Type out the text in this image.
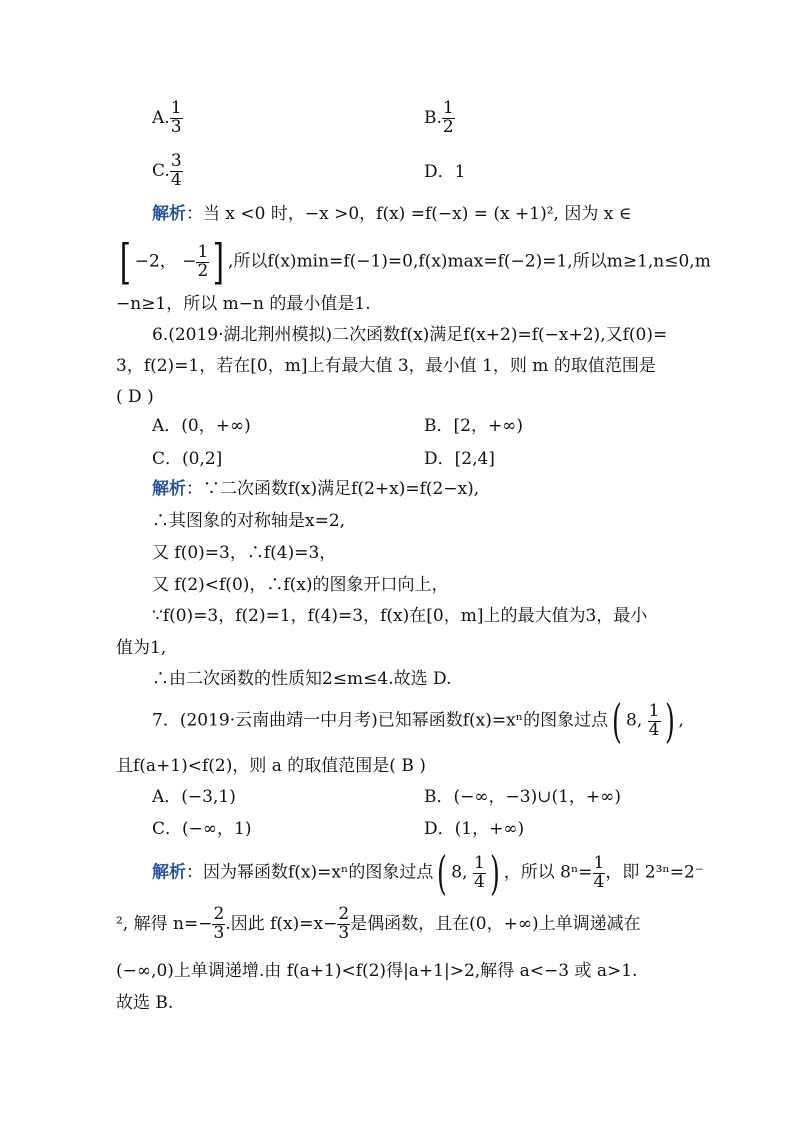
A. $\frac{1}{3}$	B. $\frac{1}{2}$
C. $\frac{3}{4}$	D．1
解析：当 x <0 时，−x >0，f(x) =f(−x) = (x +1)², 因为 x ∈
[ −2， − $\frac{1}{2}$ ] ,所以f(x)min=f(−1)=0,f(x)max=f(−2)=1,所以m≥1,n≤0,m
−n≥1，所以 m−n 的最小值是1.
6.(2019·湖北荆州模拟)二次函数f(x)满足f(x+2)=f(−x+2),又f(0)=
3，f(2)=1，若在[0，m]上有最大值 3，最小值 1，则 m 的取值范围是
( D )
A．(0，+∞)	B．[2，+∞)
C．(0,2]	D．[2,4]
解析：∵二次函数f(x)满足f(2+x)=f(2−x),
∴其图象的对称轴是x=2,
又 f(0)=3，∴f(4)=3，
又 f(2)<f(0)，∴f(x)的图象开口向上，
∵f(0)=3，f(2)=1，f(4)=3，f(x)在[0，m]上的最大值为3，最小
值为1,
∴由二次函数的性质知2≤m≤4.故选 D.
7．(2019·云南曲靖一中月考)已知幂函数f(x)=xⁿ的图象过点( 8, $\frac{1}{4}$ ) ,
且f(a+1)<f(2)，则 a 的取值范围是( B )
A．(−3,1)	B．(−∞，−3)∪(1，+∞)
C．(−∞，1)	D．(1，+∞)
解析：因为幂函数f(x)=xⁿ的图象过点( 8, $\frac{1}{4}$ ) ，所以 $8^n= \frac{1}{4}$ ，即 2³ⁿ=2⁻
², 解得 $n=- \frac{2}{3}$ .因此 $f(x)=x- \frac{2}{3}$ 是偶函数，且在(0，+∞)上单调递减在
(−∞,0)上单调递增.由 f(a+1)<f(2)得|a+1|>2,解得 a<−3 或 a>1.
故选 B.
